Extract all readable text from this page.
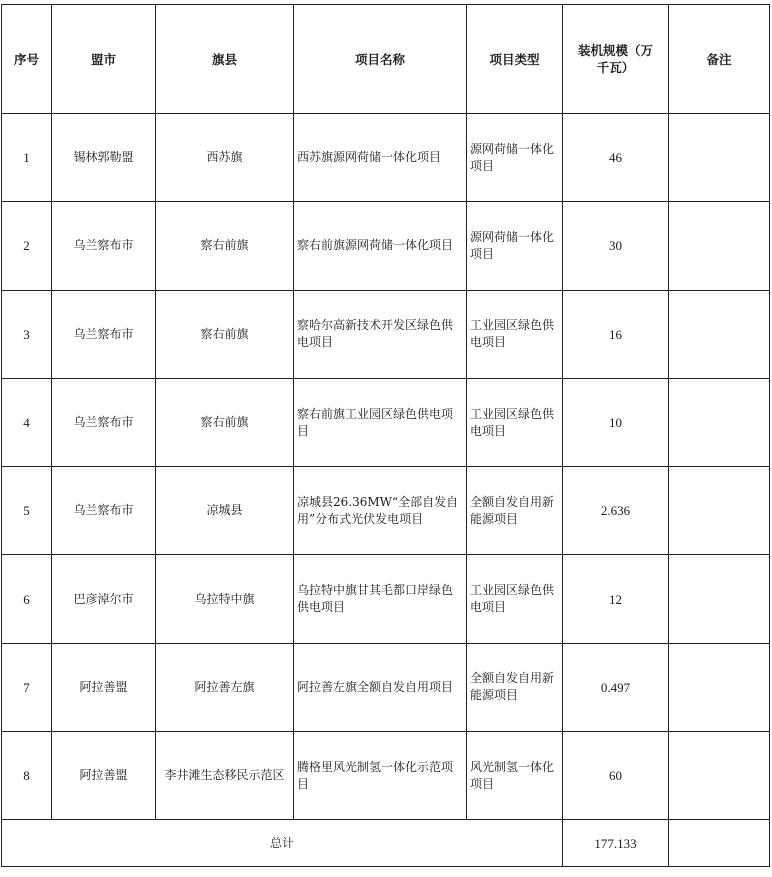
序号	盟市	旗县	项目名称	项目类型	装机规模（万千瓦）	备注
1	锡林郭勒盟	西苏旗	西苏旗源网荷储一体化项目	源网荷储一体化项目	46	
2	乌兰察布市	察右前旗	察右前旗源网荷储一体化项目	源网荷储一体化项目	30	
3	乌兰察布市	察右前旗	察哈尔高新技术开发区绿色供电项目	工业园区绿色供电项目	16	
4	乌兰察布市	察右前旗	察右前旗工业园区绿色供电项目	工业园区绿色供电项目	10	
5	乌兰察布市	凉城县	凉城县26.36MW“全部自发自用”分布式光伏发电项目	全额自发自用新能源项目	2.636	
6	巴彦淖尔市	乌拉特中旗	乌拉特中旗甘其毛都口岸绿色供电项目	工业园区绿色供电项目	12	
7	阿拉善盟	阿拉善左旗	阿拉善左旗全额自发自用项目	全额自发自用新能源项目	0.497	
8	阿拉善盟	李井滩生态移民示范区	腾格里风光制氢一体化示范项目	风光制氢一体化项目	60	
总计					177.133	
